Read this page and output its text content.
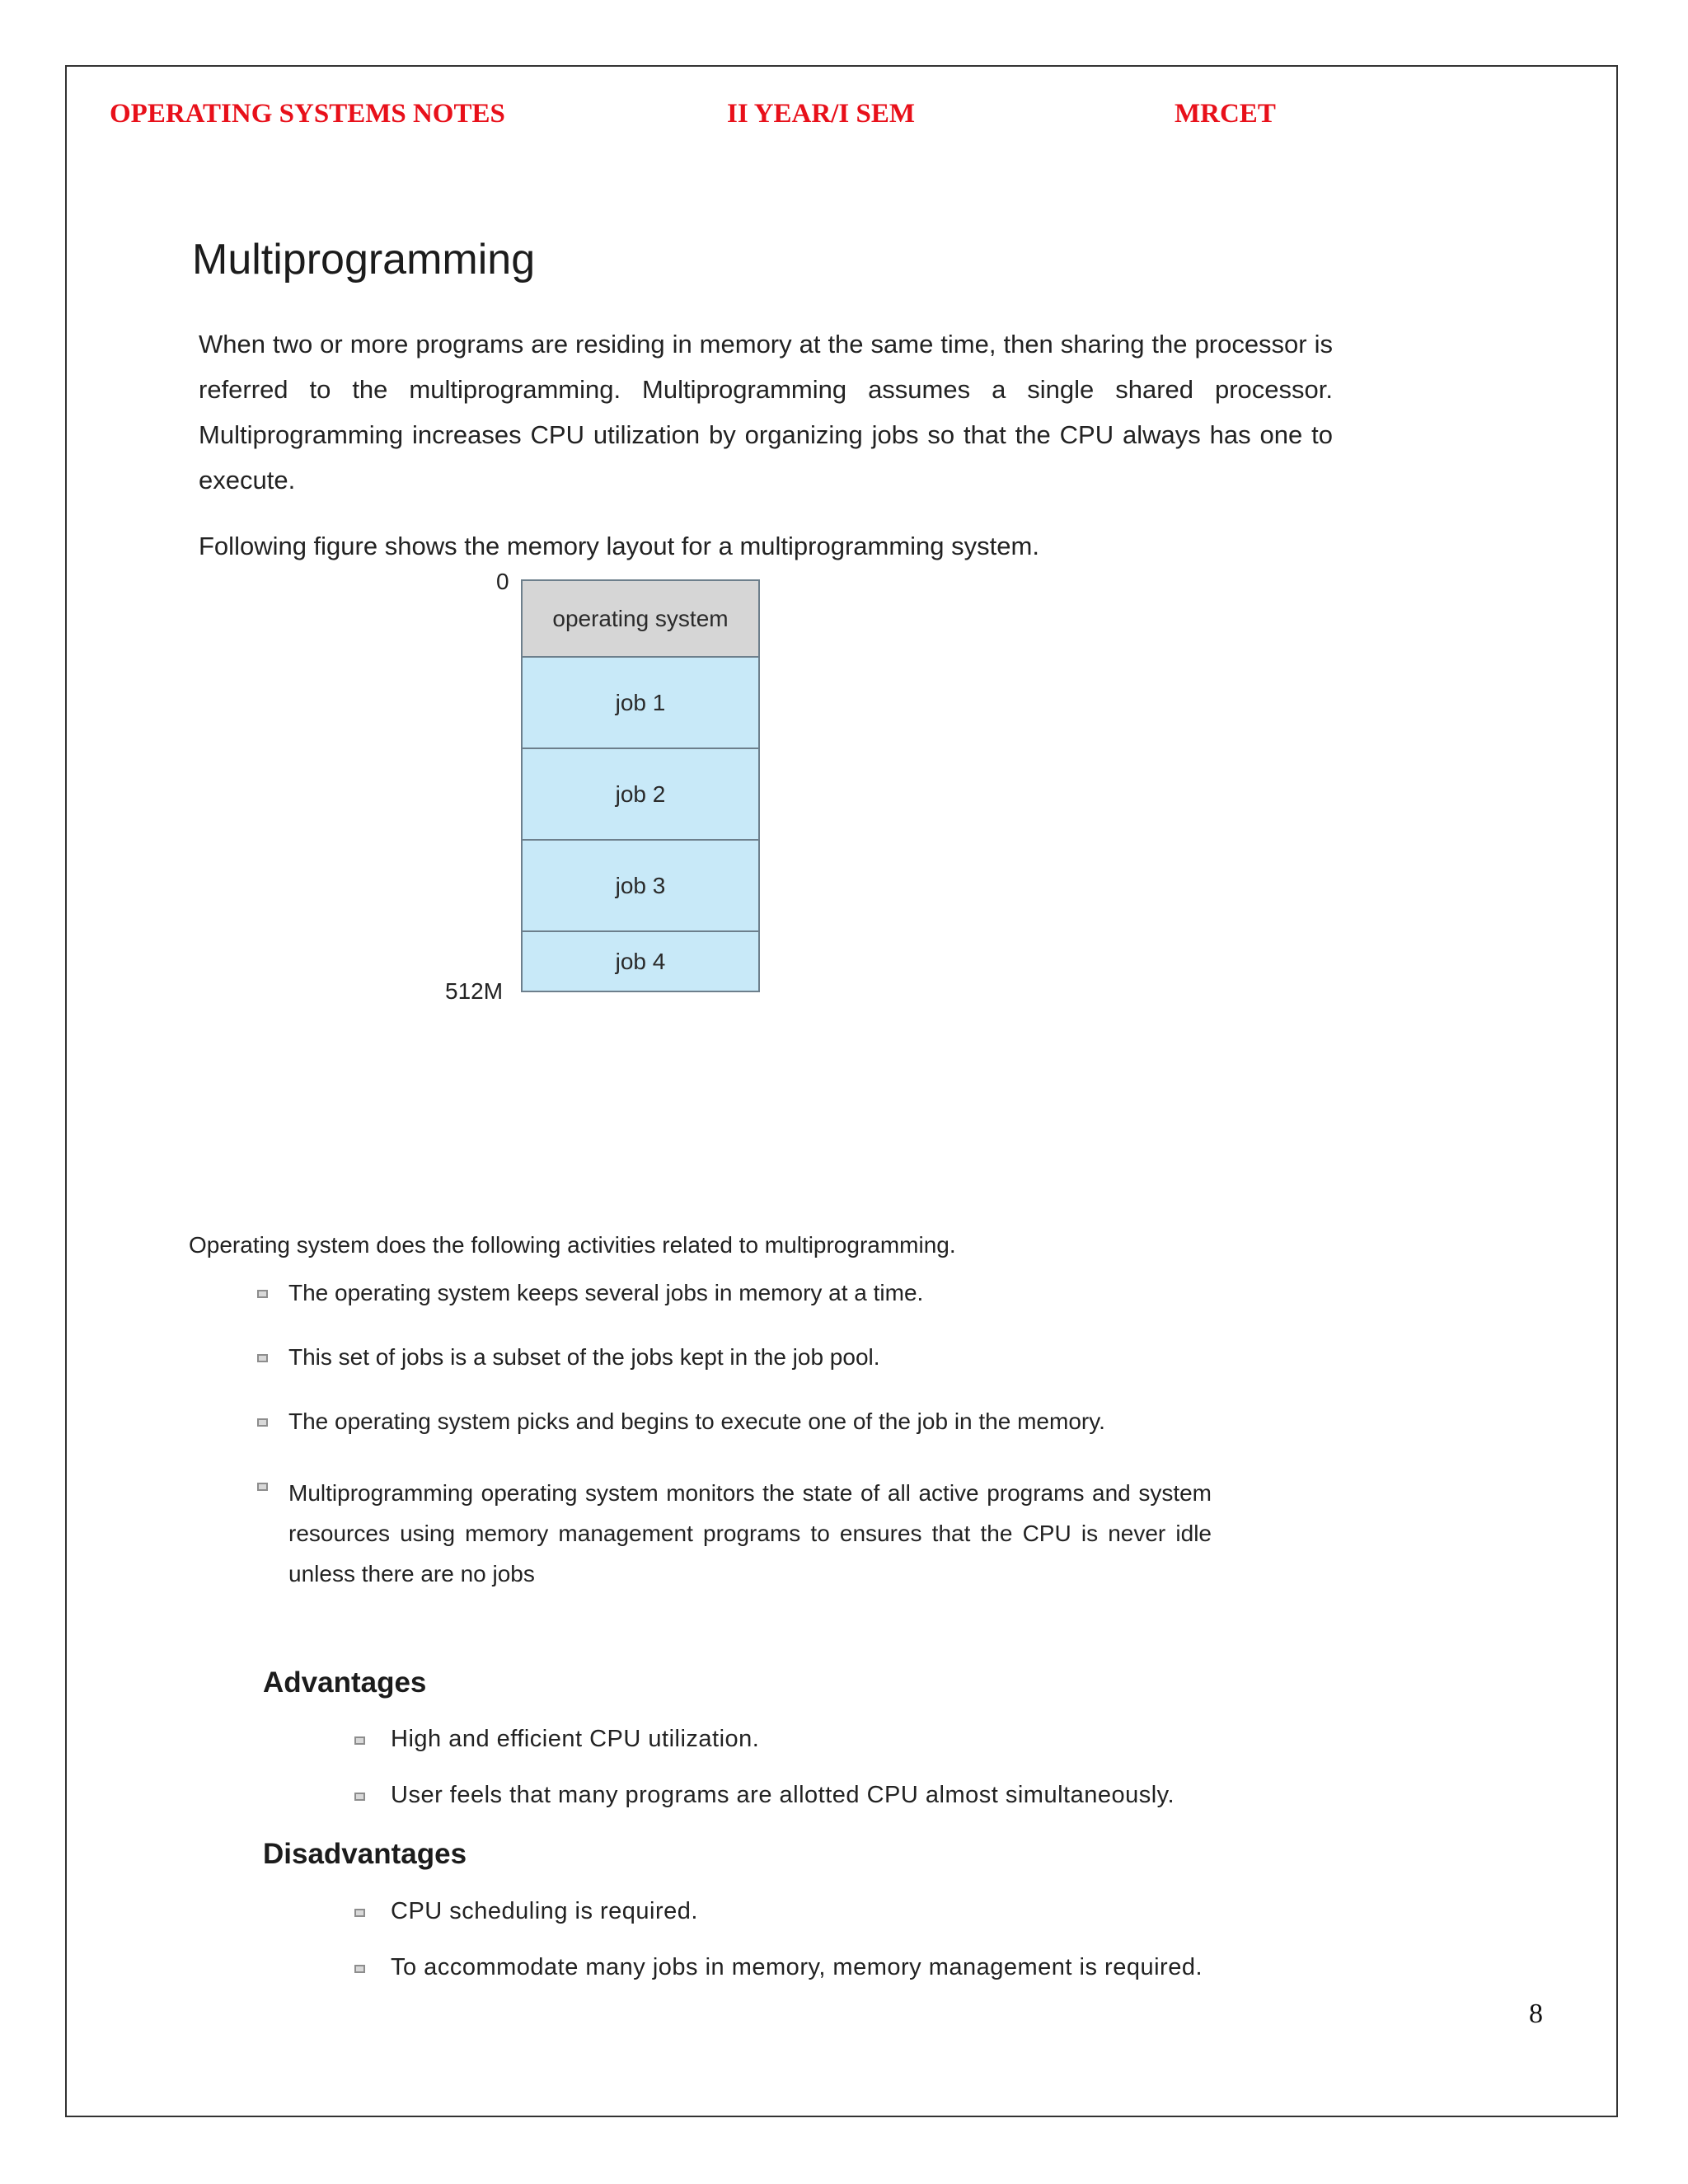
OPERATING SYSTEMS NOTES	II YEAR/I SEM	MRCET
Multiprogramming
When two or more programs are residing in memory at the same time, then sharing the processor is referred to the multiprogramming. Multiprogramming assumes a single shared processor. Multiprogramming increases CPU utilization by organizing jobs so that the CPU always has one to execute.
Following figure shows the memory layout for a multiprogramming system.
0
operating system
job 1
job 2
job 3
job 4
512M
Operating system does the following activities related to multiprogramming.
The operating system keeps several jobs in memory at a time.
This set of jobs is a subset of the jobs kept in the job pool.
The operating system picks and begins to execute one of the job in the memory.
Multiprogramming operating system monitors the state of all active programs and system resources using memory management programs to ensures that the CPU is never idle unless there are no jobs
Advantages
High and efficient CPU utilization.
User feels that many programs are allotted CPU almost simultaneously.
Disadvantages
CPU scheduling is required.
To accommodate many jobs in memory, memory management is required.
8
